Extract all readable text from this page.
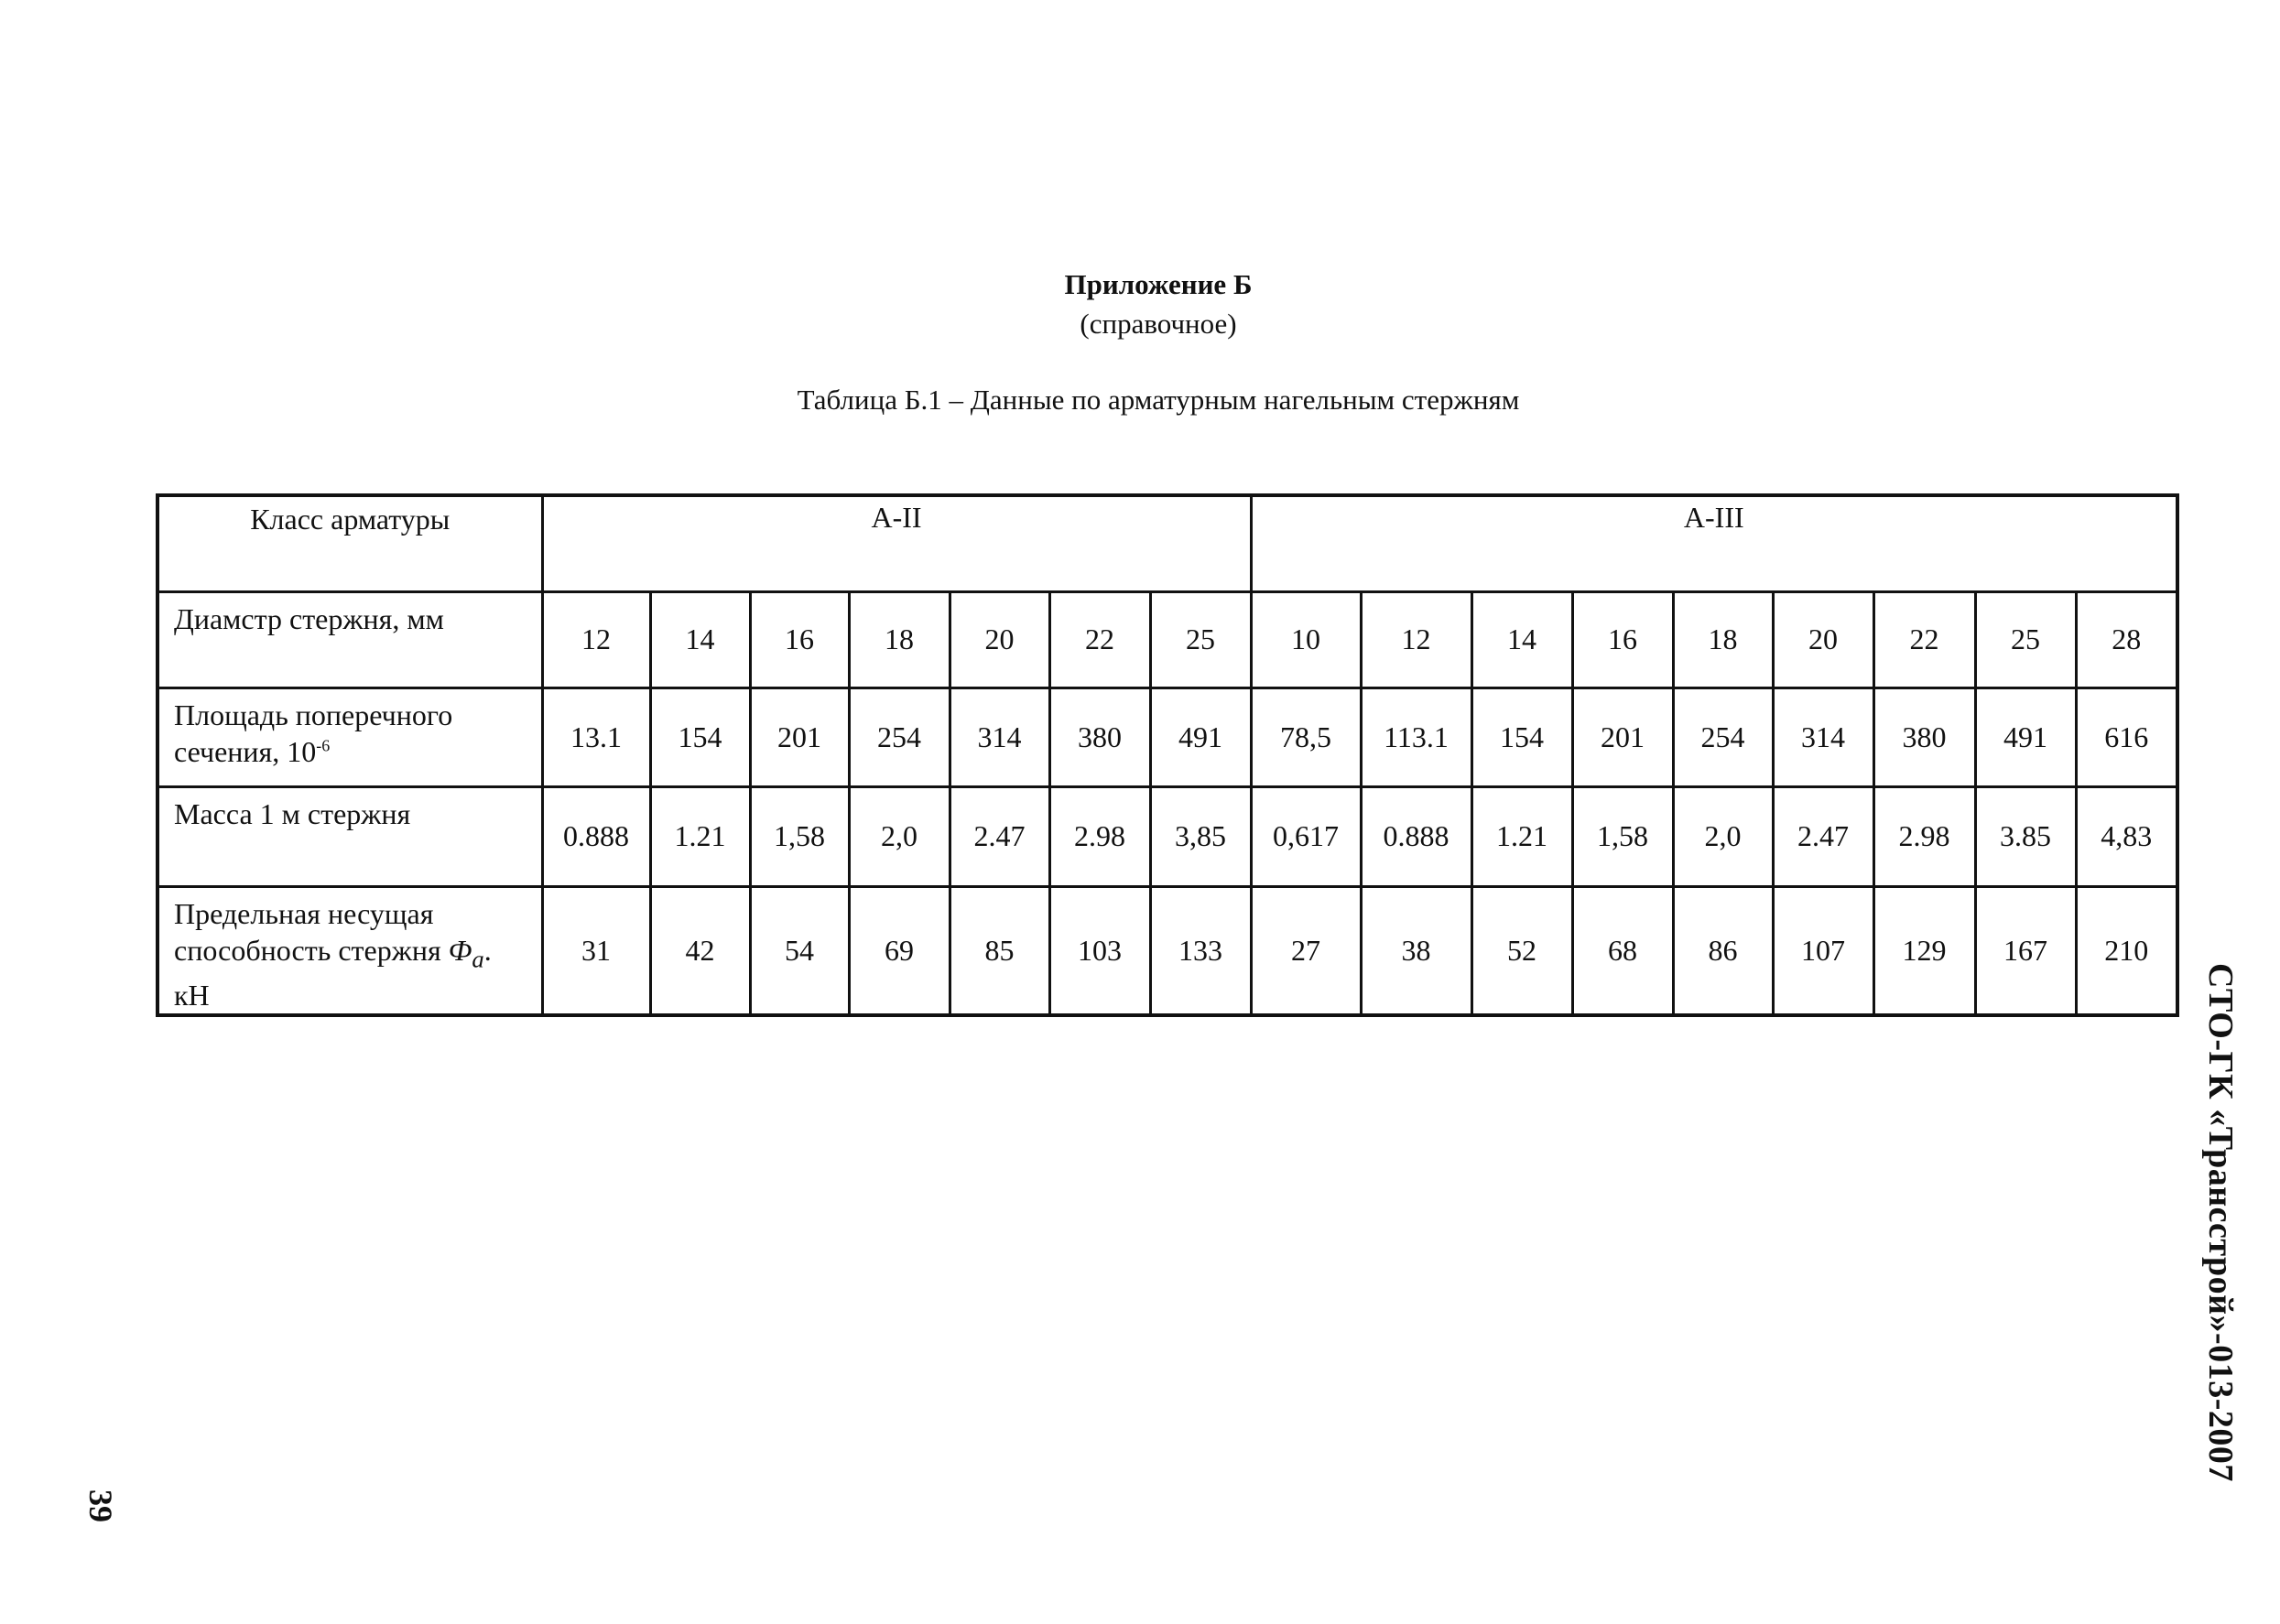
Приложение Б
(справочное)
Таблица Б.1 – Данные по арматурным нагельным стержням
Класс арматуры	А-II							А-III								
Диамстр стержня, мм	12	14	16	18	20	22	25	10	12	14	16	18	20	22	25	28

Площадь поперечного
сечения, $10^{-6}$	13.1	154	201	254	314	380	491	78,5	113.1	154	201	254	314	380	491	616
Масса 1 м стержня	0.888	1.21	1,58	2,0	2.47	2.98	3,85	0,617	0.888	1.21	1,58	2,0	2.47	2.98	3.85	4,83

Предельная несущая
способность стержня $Ф_а$.
кН	31	42	54	69	85	103	133	27	38	52	68	86	107	129	167	210
СТО-ГК «Трансстрой»-013-2007
39
